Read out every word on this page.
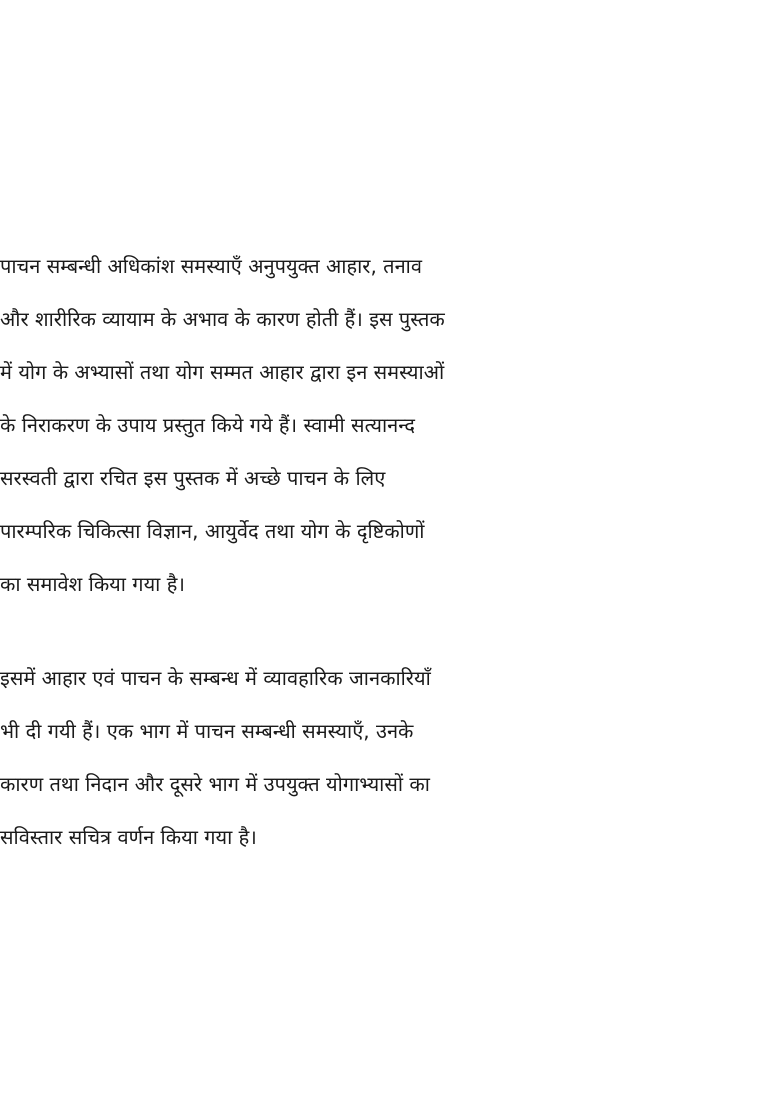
पाचन सम्बन्धी अधिकांश समस्याएँ अनुपयुक्त आहार, तनाव
और शारीरिक व्यायाम के अभाव के कारण होती हैं। इस पुस्तक
में योग के अभ्यासों तथा योग सम्मत आहार द्वारा इन समस्याओं
के निराकरण के उपाय प्रस्तुत किये गये हैं। स्वामी सत्यानन्द
सरस्वती द्वारा रचित इस पुस्तक में अच्छे पाचन के लिए
पारम्परिक चिकित्सा विज्ञान, आयुर्वेद तथा योग के दृष्टिकोणों
का समावेश किया गया है।
इसमें आहार एवं पाचन के सम्बन्ध में व्यावहारिक जानकारियाँ
भी दी गयी हैं। एक भाग में पाचन सम्बन्धी समस्याएँ, उनके
कारण तथा निदान और दूसरे भाग में उपयुक्त योगाभ्यासों का
सविस्तार सचित्र वर्णन किया गया है।
